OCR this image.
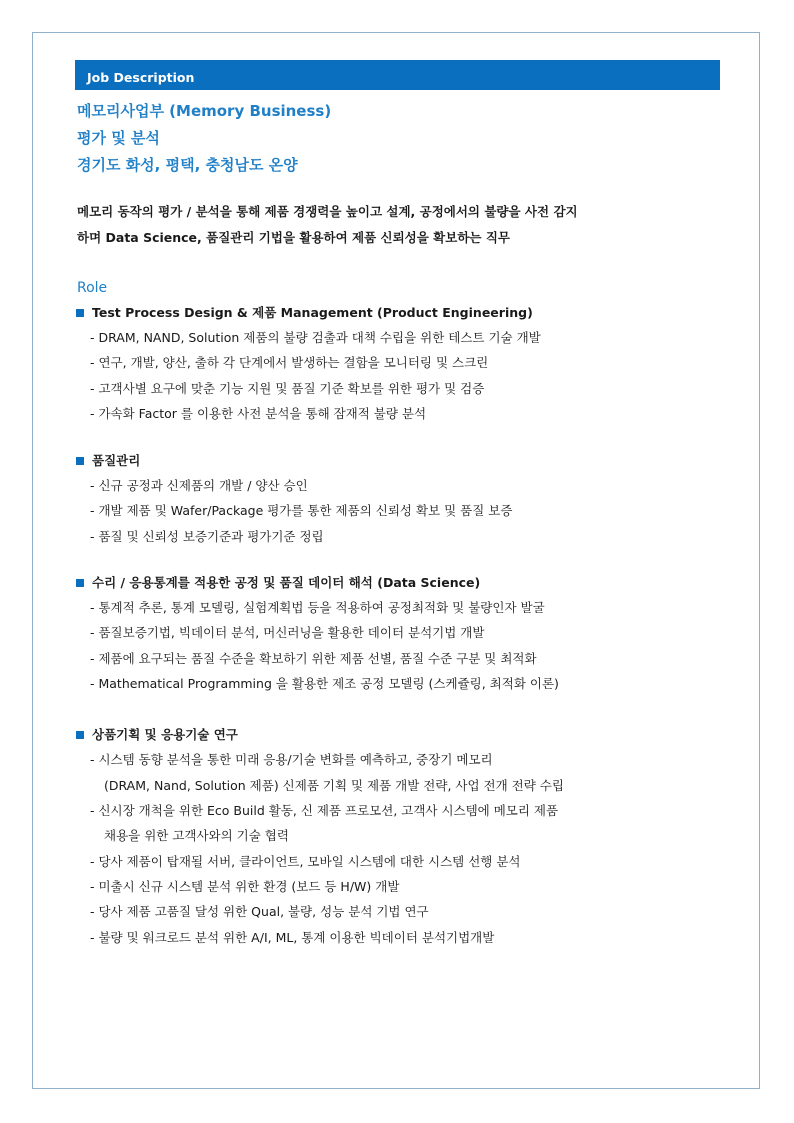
Job Description
메모리사업부 (Memory Business)
평가 및 분석
경기도 화성, 평택, 충청남도 온양
메모리 동작의 평가 / 분석을 통해 제품 경쟁력을 높이고 설계, 공정에서의 불량을 사전 감지
하며 Data Science, 품질관리 기법을 활용하여 제품 신뢰성을 확보하는 직무
Role
Test Process Design & 제품 Management (Product Engineering)
- DRAM, NAND, Solution 제품의 불량 검출과 대책 수립을 위한 테스트 기술 개발
- 연구, 개발, 양산, 출하 각 단계에서 발생하는 결함을 모니터링 및 스크린
- 고객사별 요구에 맞춘 기능 지원 및 품질 기준 확보를 위한 평가 및 검증
- 가속화 Factor 를 이용한 사전 분석을 통해 잠재적 불량 분석
품질관리
- 신규 공정과 신제품의 개발 / 양산 승인
- 개발 제품 및 Wafer/Package 평가를 통한 제품의 신뢰성 확보 및 품질 보증
- 품질 및 신뢰성 보증기준과 평가기준 정립
수리 / 응용통계를 적용한 공정 및 품질 데이터 해석 (Data Science)
- 통계적 추론, 통계 모델링, 실험계획법 등을 적용하여 공정최적화 및 불량인자 발굴
- 품질보증기법, 빅데이터 분석, 머신러닝을 활용한 데이터 분석기법 개발
- 제품에 요구되는 품질 수준을 확보하기 위한 제품 선별, 품질 수준 구분 및 최적화
- Mathematical Programming 을 활용한 제조 공정 모델링 (스케쥴링, 최적화 이론)
상품기획 및 응용기술 연구
- 시스템 동향 분석을 통한 미래 응용/기술 변화를 예측하고, 중장기 메모리
(DRAM, Nand, Solution 제품) 신제품 기획 및 제품 개발 전략, 사업 전개 전략 수립
- 신시장 개척을 위한 Eco Build 활동, 신 제품 프로모션, 고객사 시스템에 메모리 제품
채용을 위한 고객사와의 기술 협력
- 당사 제품이 탑재될 서버, 클라이언트, 모바일 시스템에 대한 시스템 선행 분석
- 미출시 신규 시스템 분석 위한 환경 (보드 등 H/W) 개발
- 당사 제품 고품질 달성 위한 Qual, 불량, 성능 분석 기법 연구
- 불량 및 워크로드 분석 위한 A/I, ML, 통계 이용한 빅데이터 분석기법개발
